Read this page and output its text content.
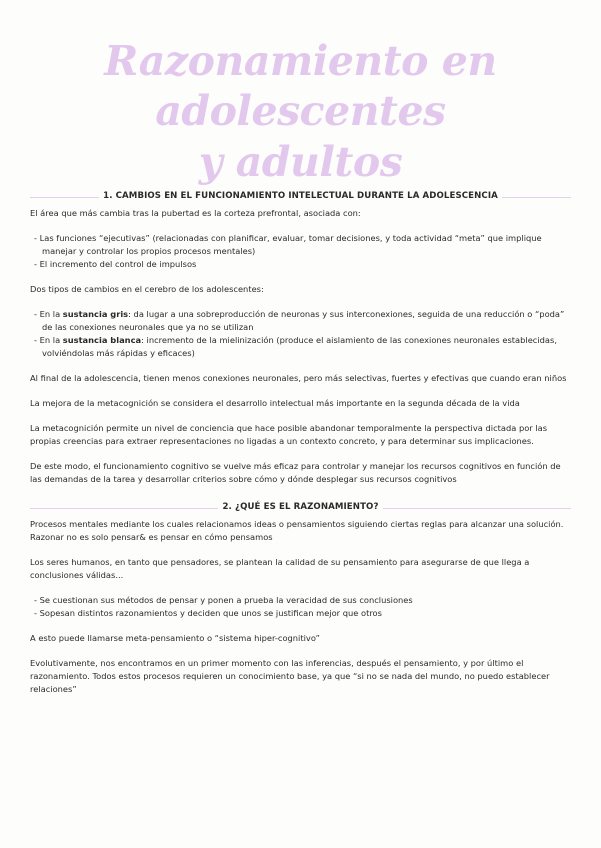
Razonamiento en adolescentes
y adultos
1. CAMBIOS EN EL FUNCIONAMIENTO INTELECTUAL DURANTE LA ADOLESCENCIA

El área que más cambia tras la pubertad es la corteza prefrontal, asociada con:

- Las funciones “ejecutivas” (relacionadas con planificar, evaluar, tomar decisiones, y toda actividad “meta” que implique manejar y controlar los propios procesos mentales)
- El incremento del control de impulsos

Dos tipos de cambios en el cerebro de los adolescentes:

- En la sustancia gris: da lugar a una sobreproducción de neuronas y sus interconexiones, seguida de una reducción o “poda” de las conexiones neuronales que ya no se utilizan
- En la sustancia blanca: incremento de la mielinización (produce el aislamiento de las conexiones neuronales establecidas, volviéndolas más rápidas y eficaces)

Al final de la adolescencia, tienen menos conexiones neuronales, pero más selectivas, fuertes y efectivas que cuando eran niños

La mejora de la metacognición se considera el desarrollo intelectual más importante en la segunda década de la vida

La metacognición permite un nivel de conciencia que hace posible abandonar temporalmente la perspectiva dictada por las propias creencias para extraer representaciones no ligadas a un contexto concreto, y para determinar sus implicaciones.

De este modo, el funcionamiento cognitivo se vuelve más eficaz para controlar y manejar los recursos cognitivos en función de las demandas de la tarea y desarrollar criterios sobre cómo y dónde desplegar sus recursos cognitivos

2. ¿QUÉ ES EL RAZONAMIENTO?

Procesos mentales mediante los cuales relacionamos ideas o pensamientos siguiendo ciertas reglas para alcanzar una solución. Razonar no es solo pensar& es pensar en cómo pensamos

Los seres humanos, en tanto que pensadores, se plantean la calidad de su pensamiento para asegurarse de que llega a conclusiones válidas...

- Se cuestionan sus métodos de pensar y ponen a prueba la veracidad de sus conclusiones
- Sopesan distintos razonamientos y deciden que unos se justifican mejor que otros

A esto puede llamarse meta-pensamiento o “sistema hiper-cognitivo”

Evolutivamente, nos encontramos en un primer momento con las inferencias, después el pensamiento, y por último el razonamiento. Todos estos procesos requieren un conocimiento base, ya que “si no se nada del mundo, no puedo establecer relaciones”
